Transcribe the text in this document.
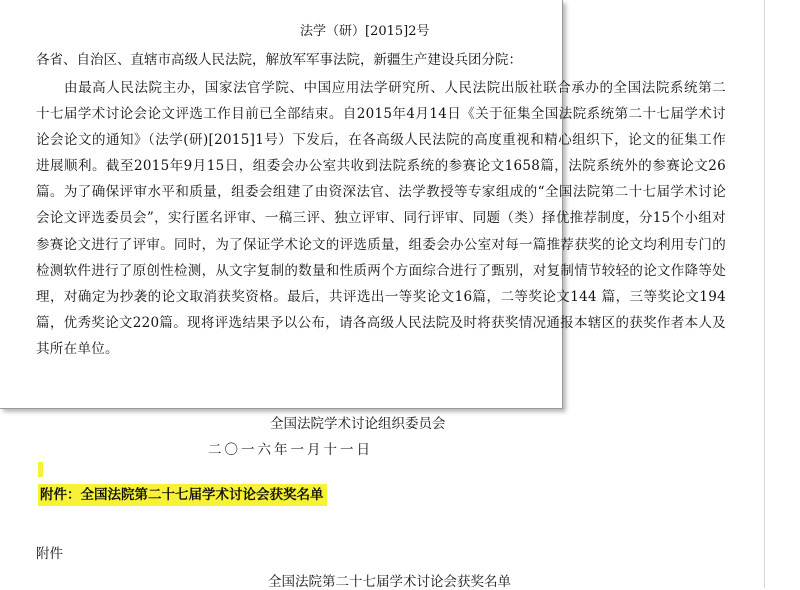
法学（研）[2015]2号
各省、自治区、直辖市高级人民法院，解放军军事法院，新疆生产建设兵团分院：
由最高人民法院主办，国家法官学院、中国应用法学研究所、人民法院出版社联合承办的全国法院系统第二十七届学术讨论会论文评选工作目前已全部结束。自2015年4月14日《关于征集全国法院系统第二十七届学术讨论会论文的通知》（法学(研)[2015]1号）下发后，在各高级人民法院的高度重视和精心组织下，论文的征集工作进展顺利。截至2015年9月15日，组委会办公室共收到法院系统的参赛论文1658篇，法院系统外的参赛论文26篇。为了确保评审水平和质量，组委会组建了由资深法官、法学教授等专家组成的“全国法院第二十七届学术讨论会论文评选委员会”，实行匿名评审、一稿三评、独立评审、同行评审、同题（类）择优推荐制度，分15个小组对参赛论文进行了评审。同时，为了保证学术论文的评选质量，组委会办公室对每一篇推荐获奖的论文均利用专门的检测软件进行了原创性检测，从文字复制的数量和性质两个方面综合进行了甄别，对复制情节较轻的论文作降等处理，对确定为抄袭的论文取消获奖资格。最后，共评选出一等奖论文16篇，二等奖论文144 篇，三等奖论文194篇，优秀奖论文220篇。现将评选结果予以公布，请各高级人民法院及时将获奖情况通报本辖区的获奖作者本人及其所在单位。
全国法院学术讨论组织委员会
二〇一六年一月十一日
附件：全国法院第二十七届学术讨论会获奖名单
附件
全国法院第二十七届学术讨论会获奖名单
